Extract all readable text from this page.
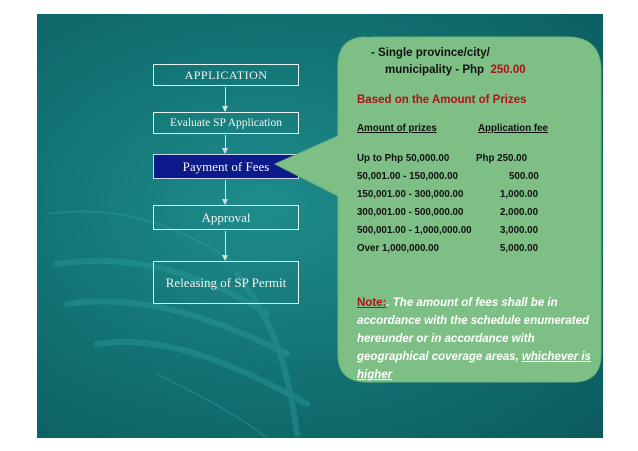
APPLICATION
Evaluate SP Application
Payment of Fees
Approval
Releasing of SP Permit
- Single province/city/
municipality - Php 250.00
Based on the Amount of Prizes
Amount of prizes	Application fee
Up to Php 50,000.00	Php 250.00
50,001.00 - 150,000.00	500.00
150,001.00 - 300,000.00	1,000.00
300,001.00 - 500,000.00	2,000.00
500,001.00 - 1,000,000.00	3,000.00
Over 1,000,000.00	5,000.00
Note:. The amount of fees shall be in accordance with the schedule enumerated hereunder or in accordance with geographical coverage areas, whichever is higher
